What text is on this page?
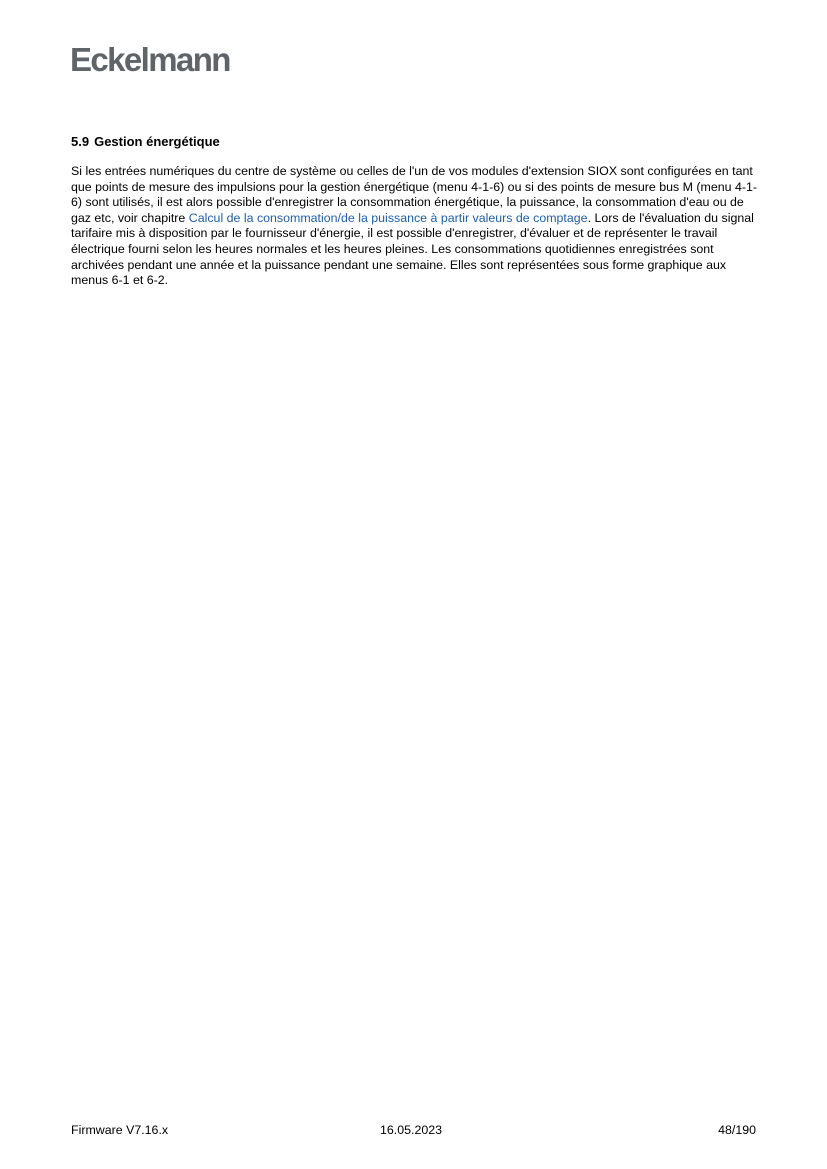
Eckelmann
5.9 Gestion énergétique

Si les entrées numériques du centre de système ou celles de l'un de vos modules d'extension SIOX sont configurées en tant que points de mesure des impulsions pour la gestion énergétique (menu 4-1-6) ou si des points de mesure bus M (menu 4-1-6) sont utilisés, il est alors possible d'enregistrer la consommation énergétique, la puissance, la consommation d'eau ou de gaz etc, voir chapitre Calcul de la consommation/de la puissance à partir valeurs de comptage. Lors de l'évaluation du signal tarifaire mis à disposition par le fournisseur d'énergie, il est possible d'enregistrer, d'évaluer et de représenter le travail électrique fourni selon les heures normales et les heures pleines. Les consommations quotidiennes enregistrées sont archivées pendant une année et la puissance pendant une semaine. Elles sont représentées sous forme graphique aux menus 6-1 et 6-2.

Firmware V7.16.x	16.05.2023	48/190
